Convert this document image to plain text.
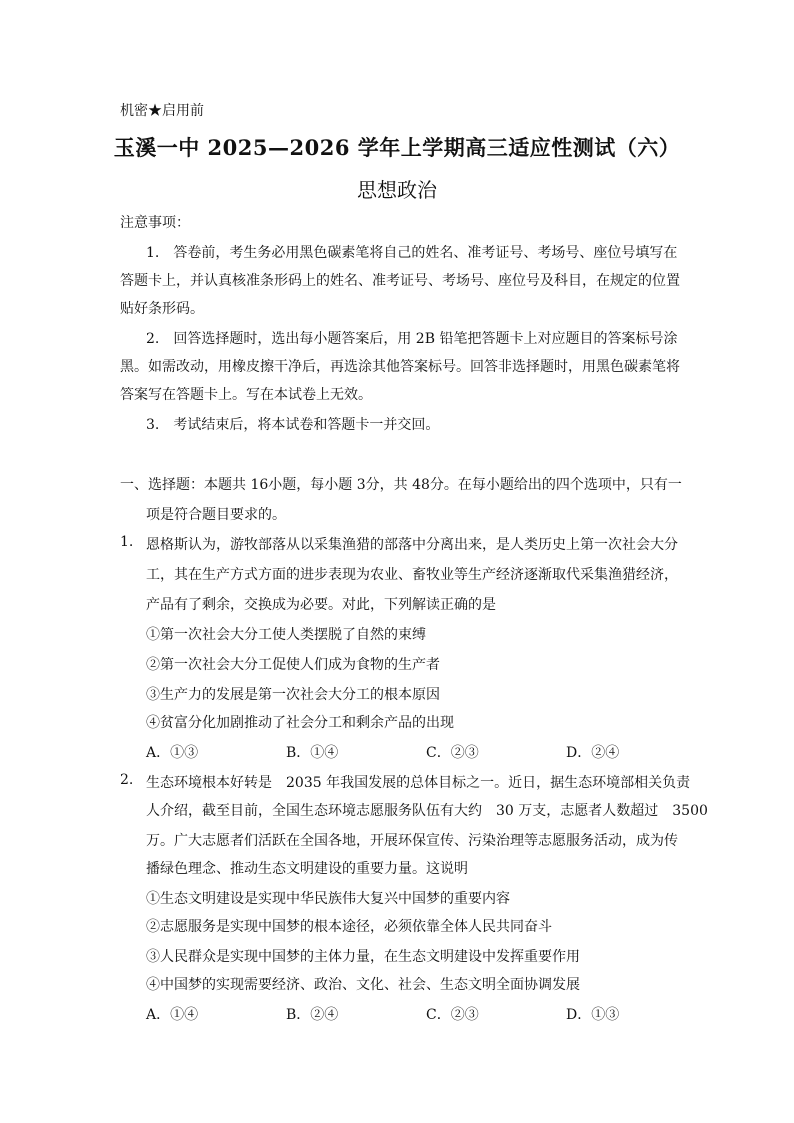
机密★启用前
玉溪一中 2025—2026 学年上学期高三适应性测试（六）
思想政治
注意事项：
1.　答卷前，考生务必用黑色碳素笔将自己的姓名、准考证号、考场号、座位号填写在
答题卡上，并认真核准条形码上的姓名、准考证号、考场号、座位号及科目，在规定的位置
贴好条形码。
2.　回答选择题时，选出每小题答案后，用 2B 铅笔把答题卡上对应题目的答案标号涂
黑。如需改动，用橡皮擦干净后，再选涂其他答案标号。回答非选择题时，用黑色碳素笔将
答案写在答题卡上。写在本试卷上无效。
3.　考试结束后，将本试卷和答题卡一并交回。
一、选择题：本题共 16小题，每小题 3分，共 48分。在每小题给出的四个选项中，只有一
项是符合题目要求的。
1. 恩格斯认为，游牧部落从以采集渔猎的部落中分离出来，是人类历史上第一次社会大分
工，其在生产方式方面的进步表现为农业、畜牧业等生产经济逐渐取代采集渔猎经济，
产品有了剩余，交换成为必要。对此，下列解读正确的是
①第一次社会大分工使人类摆脱了自然的束缚
②第一次社会大分工促使人们成为食物的生产者
③生产力的发展是第一次社会大分工的根本原因
④贫富分化加剧推动了社会分工和剩余产品的出现
A．①③	B．①④	C．②③	D．②④
2. 生态环境根本好转是　2035 年我国发展的总体目标之一。近日，据生态环境部相关负责
人介绍，截至目前，全国生态环境志愿服务队伍有大约　30 万支，志愿者人数超过　3500
万。广大志愿者们活跃在全国各地，开展环保宣传、污染治理等志愿服务活动，成为传
播绿色理念、推动生态文明建设的重要力量。这说明
①生态文明建设是实现中华民族伟大复兴中国梦的重要内容
②志愿服务是实现中国梦的根本途径，必须依靠全体人民共同奋斗
③人民群众是实现中国梦的主体力量，在生态文明建设中发挥重要作用
④中国梦的实现需要经济、政治、文化、社会、生态文明全面协调发展
A．①④	B．②④	C．②③	D．①③
